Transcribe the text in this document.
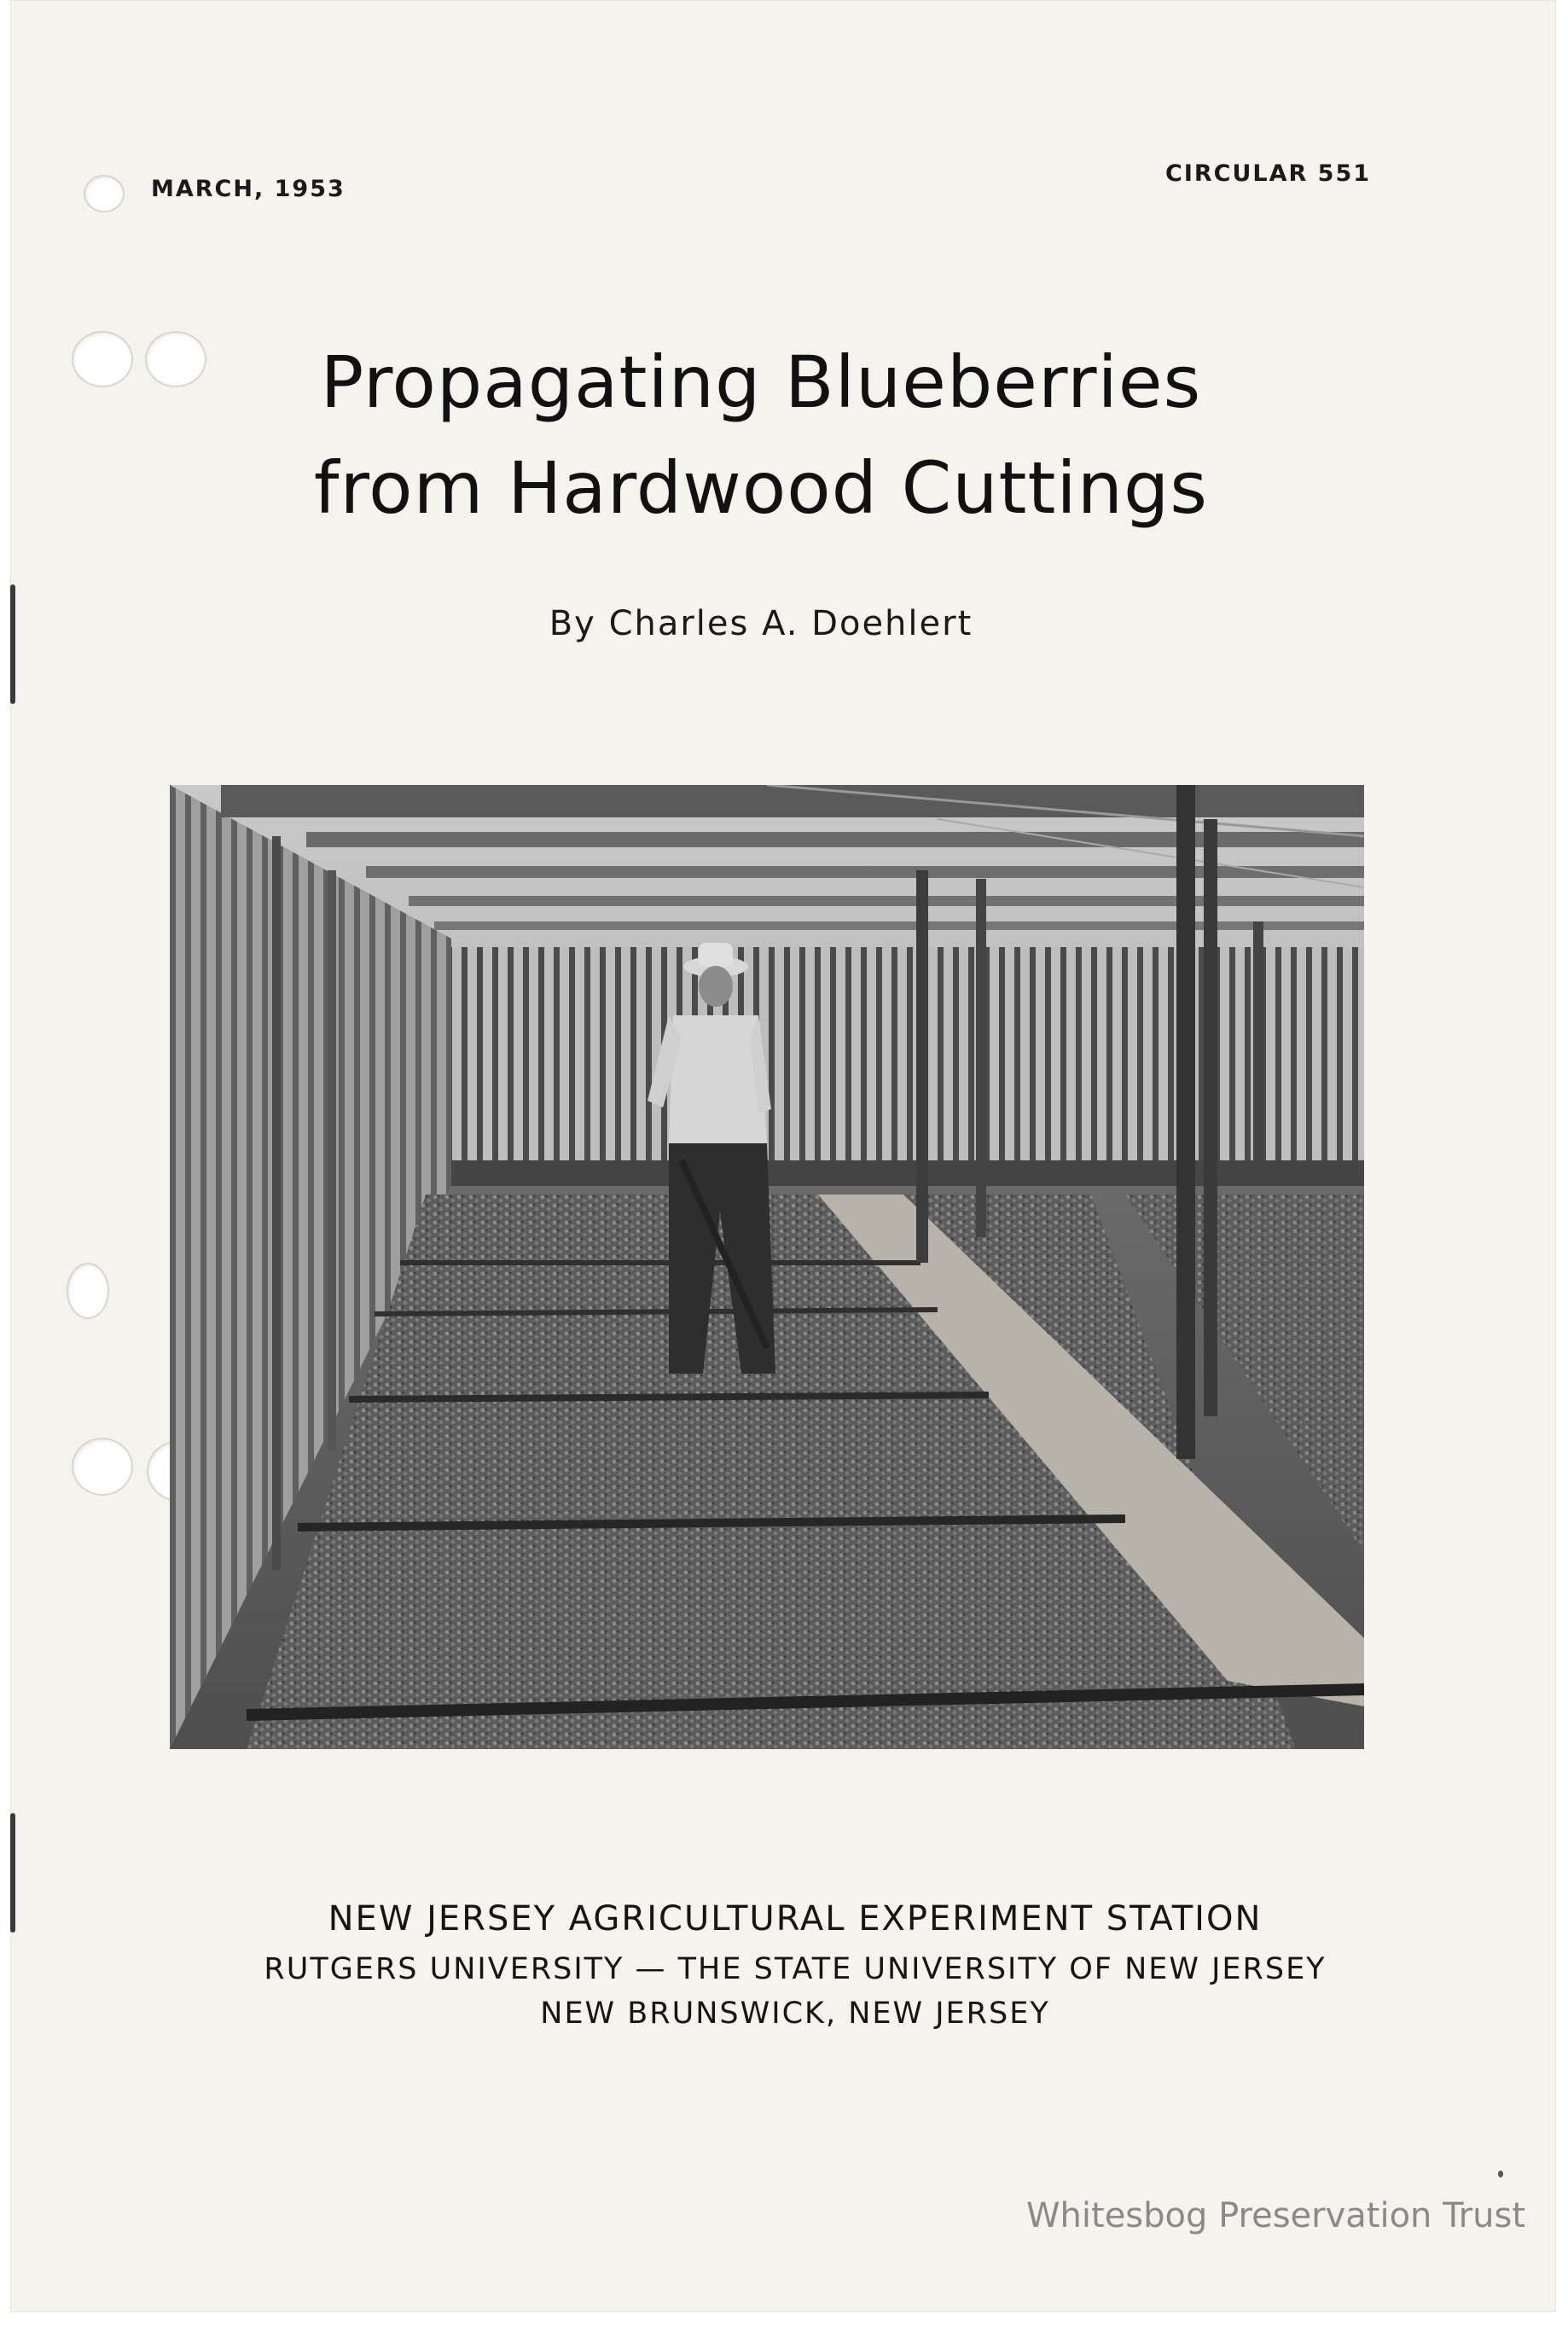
MARCH, 1953
CIRCULAR 551
Propagating Blueberries
from Hardwood Cuttings
By Charles A. Doehlert
NEW JERSEY AGRICULTURAL EXPERIMENT STATION
RUTGERS UNIVERSITY — THE STATE UNIVERSITY OF NEW JERSEY
NEW BRUNSWICK, NEW JERSEY
Whitesbog Preservation Trust
